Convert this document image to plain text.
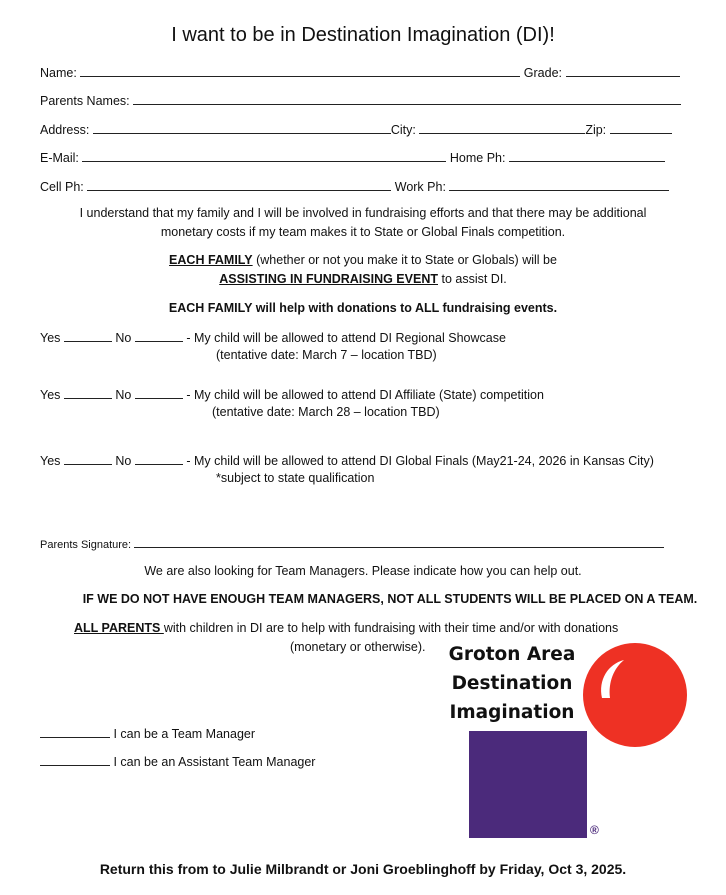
I want to be in Destination Imagination (DI)!
Name:	Grade:
Parents Names:
Address:	City:	Zip:
E-Mail:	Home Ph:
Cell Ph:	Work Ph:
I understand that my family and I will be involved in fundraising efforts and that there may be additional
monetary costs if my team makes it to State or Global Finals competition.
EACH FAMILY (whether or not you make it to State or Globals) will be
ASSISTING IN FUNDRAISING EVENT to assist DI.
EACH FAMILY will help with donations to ALL fundraising events.
Yes	No	- My child will be allowed to attend DI Regional Showcase
(tentative date: March 7 – location TBD)
Yes	No	- My child will be allowed to attend DI Affiliate (State) competition
(tentative date: March 28 – location TBD)
Yes	No	- My child will be allowed to attend DI Global Finals (May21-24, 2026 in Kansas City)
*subject to state qualification
Parents Signature:
We are also looking for Team Managers. Please indicate how you can help out.
IF WE DO NOT HAVE ENOUGH TEAM MANAGERS, NOT ALL STUDENTS WILL BE PLACED ON A TEAM.
ALL PARENTS with children in DI are to help with fundraising with their time and/or with donations
(monetary or otherwise).	Groton Area
Destination
Imagination
®
I can be a Team Manager
I can be an Assistant Team Manager
Return this from to Julie Milbrandt or Joni Groeblinghoff by Friday, Oct 3, 2025.
